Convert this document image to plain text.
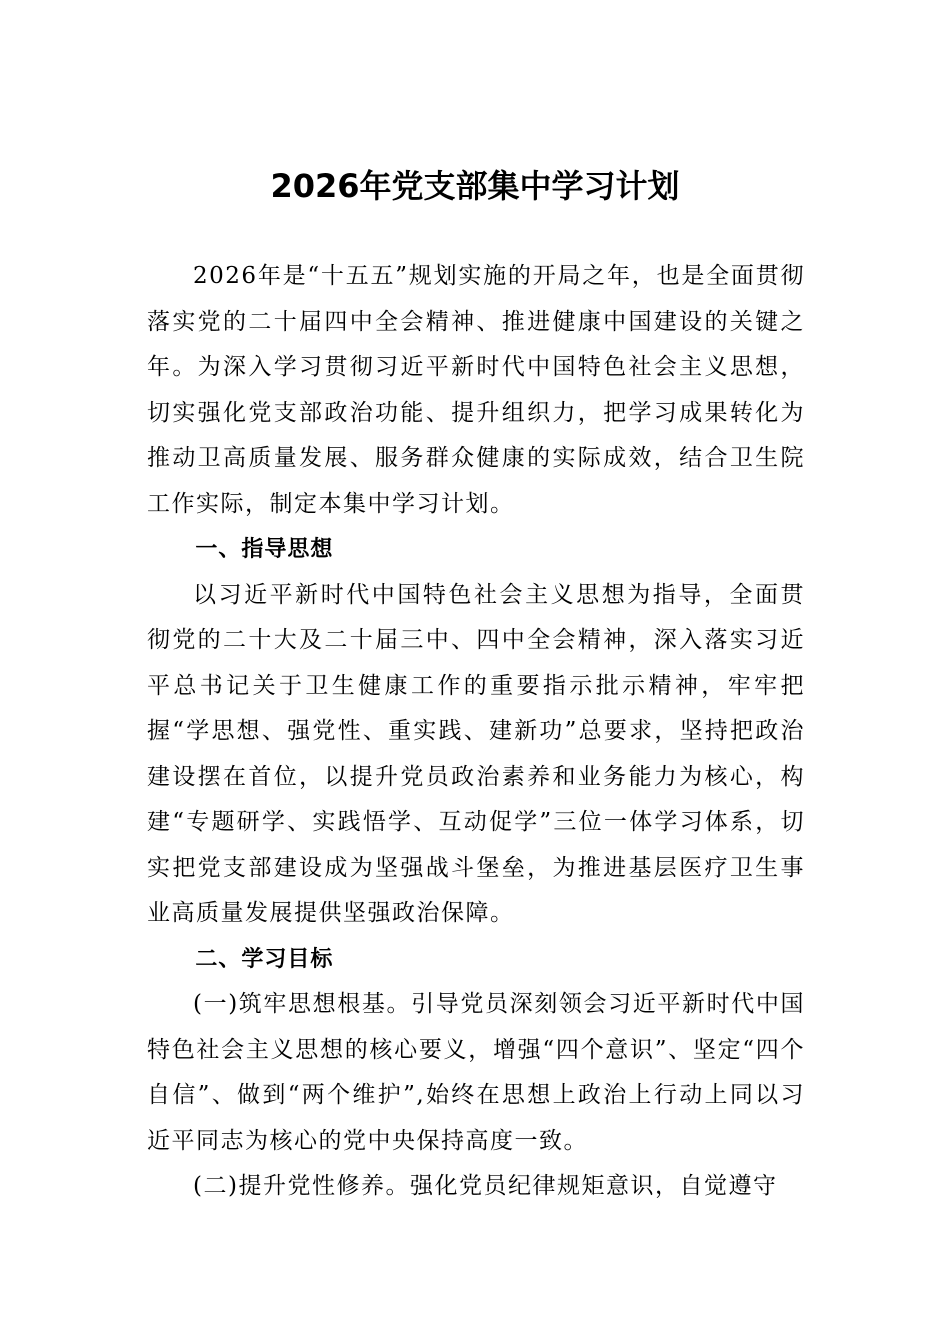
2026年党支部集中学习计划

2026年是“十五五”规划实施的开局之年，也是全面贯彻落实党的二十届四中全会精神、推进健康中国建设的关键之年。为深入学习贯彻习近平新时代中国特色社会主义思想，切实强化党支部政治功能、提升组织力，把学习成果转化为推动卫高质量发展、服务群众健康的实际成效，结合卫生院工作实际，制定本集中学习计划。

一、指导思想

以习近平新时代中国特色社会主义思想为指导，全面贯彻党的二十大及二十届三中、四中全会精神，深入落实习近平总书记关于卫生健康工作的重要指示批示精神，牢牢把握“学思想、强党性、重实践、建新功”总要求，坚持把政治建设摆在首位，以提升党员政治素养和业务能力为核心，构建“专题研学、实践悟学、互动促学”三位一体学习体系，切实把党支部建设成为坚强战斗堡垒，为推进基层医疗卫生事业高质量发展提供坚强政治保障。

二、学习目标

(一)筑牢思想根基。引导党员深刻领会习近平新时代中国特色社会主义思想的核心要义，增强“四个意识”、坚定“四个自信”、做到“两个维护”,始终在思想上政治上行动上同以习近平同志为核心的党中央保持高度一致。

(二)提升党性修养。强化党员纪律规矩意识，自觉遵守
